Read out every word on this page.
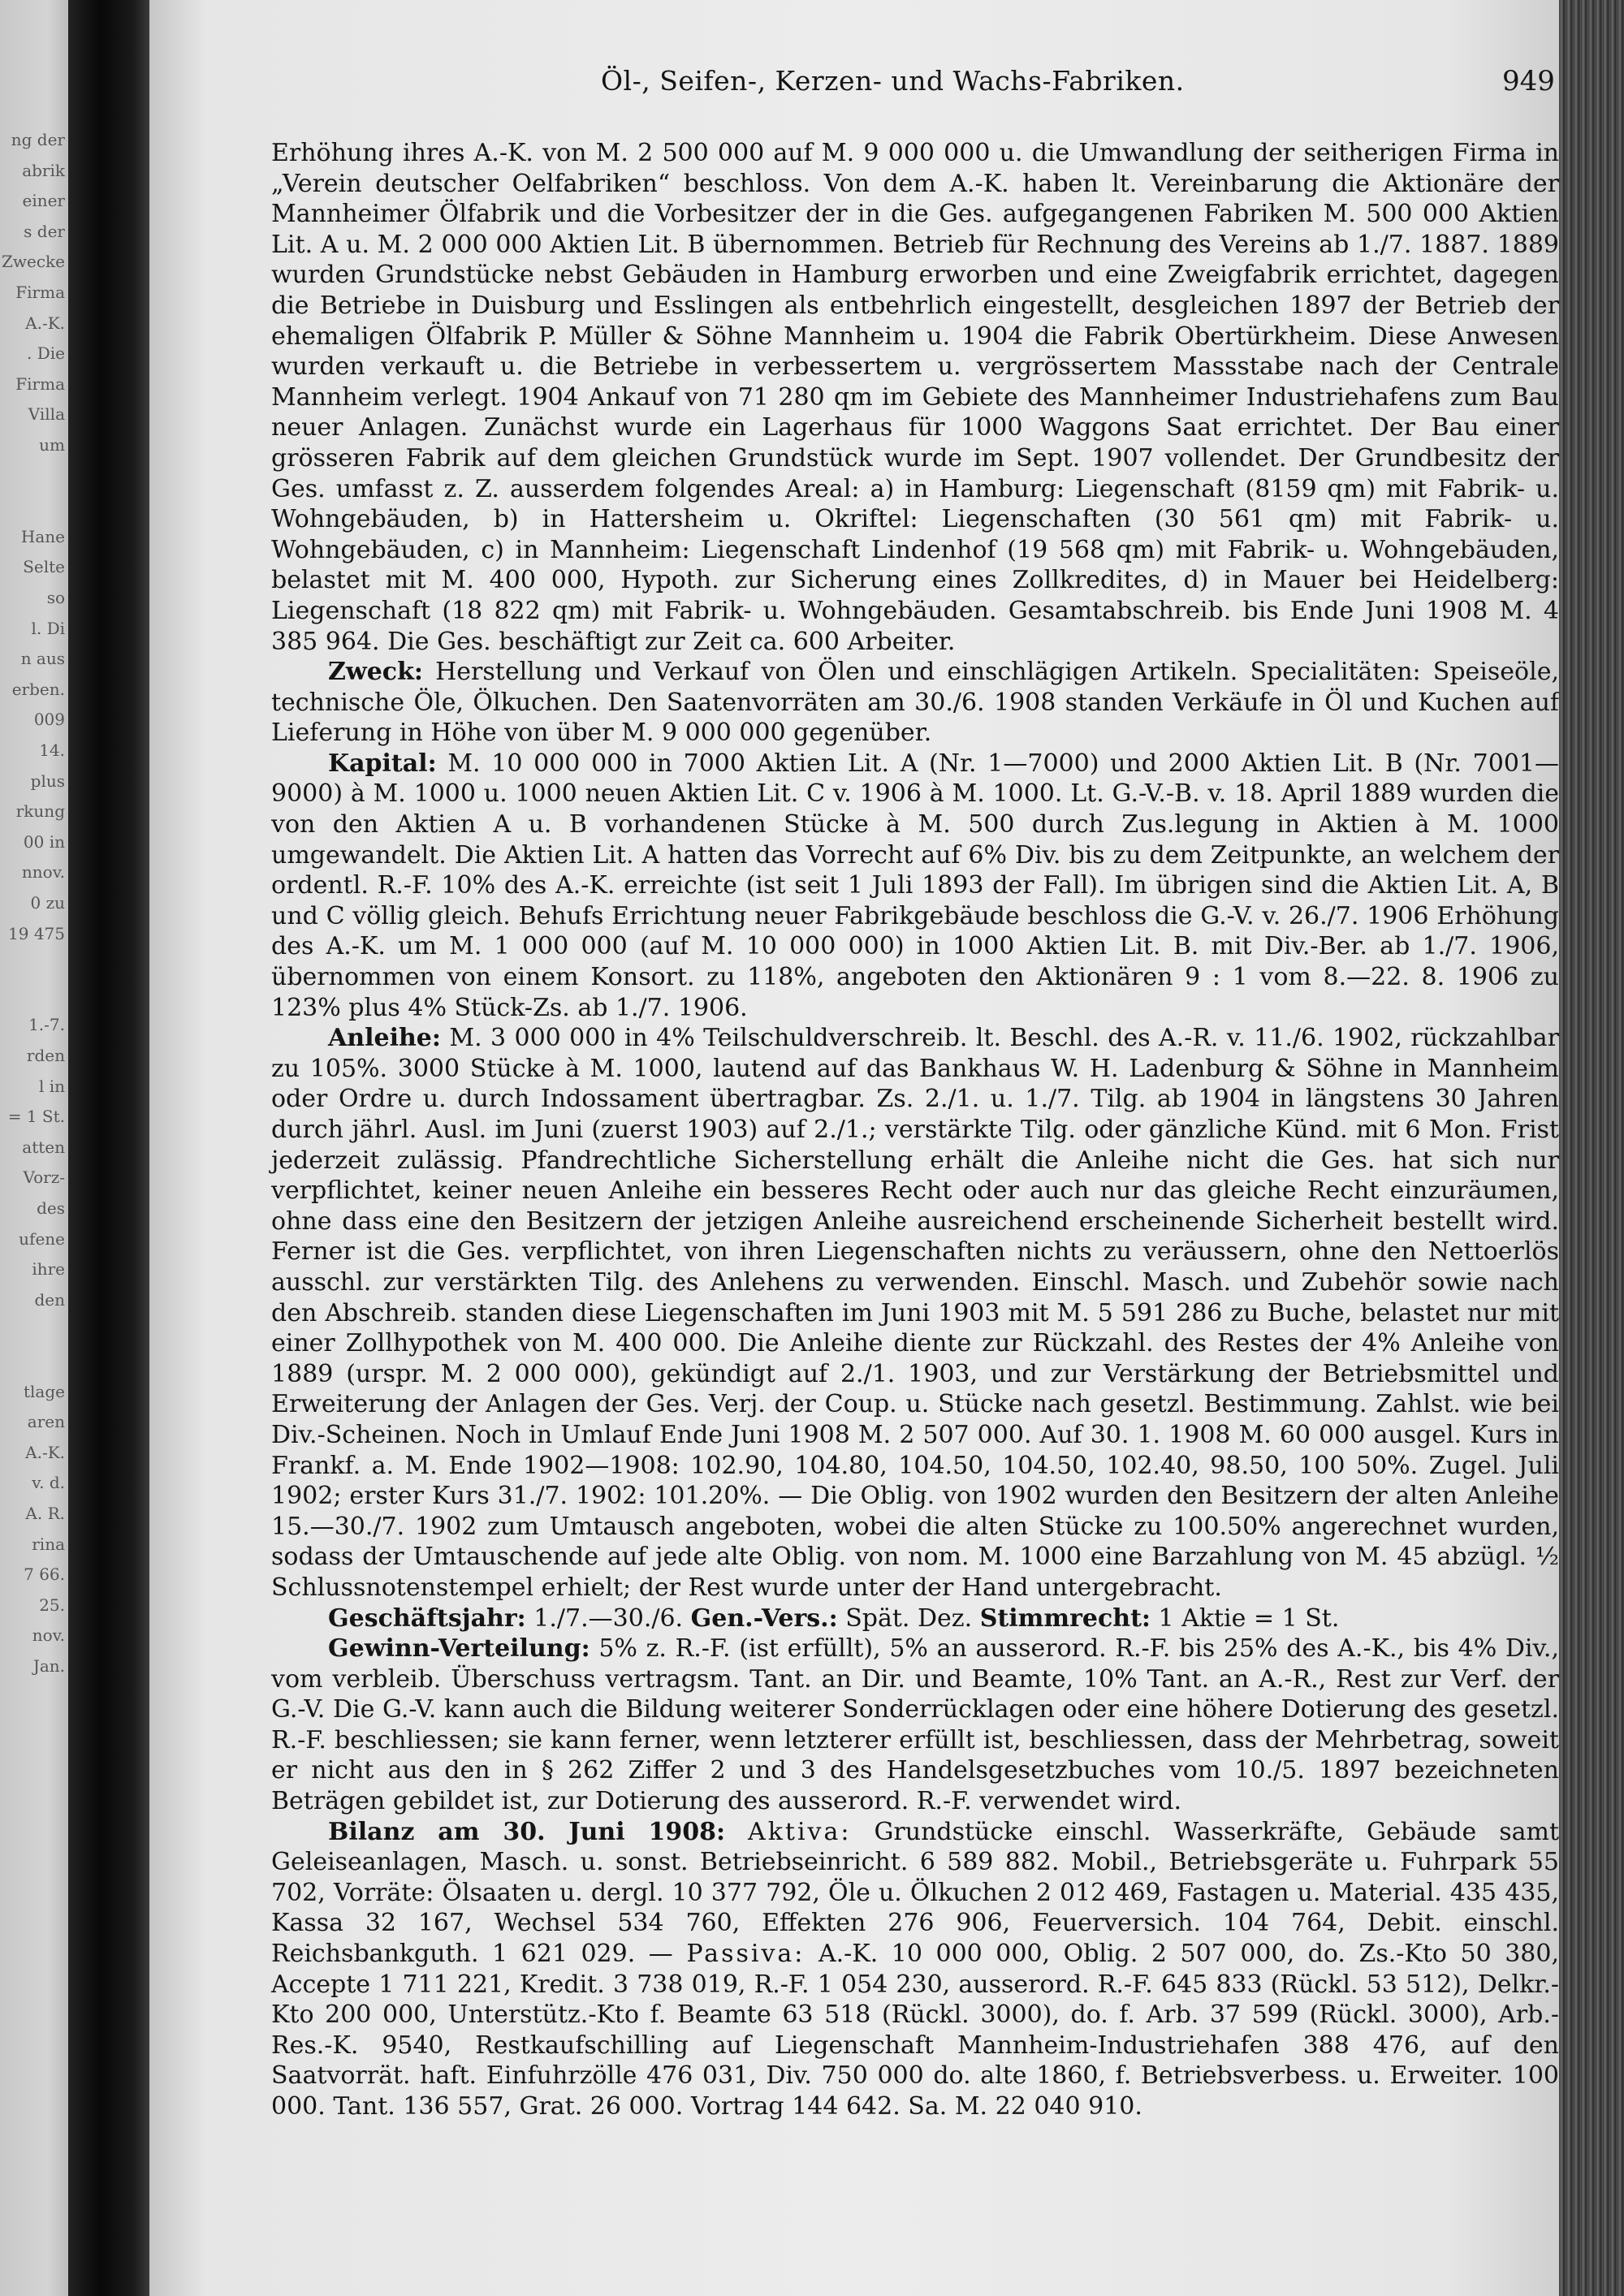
ng der
abrik
einer
s der
Zwecke
Firma
A.-K.
. Die
Firma
Villa
um
Hane
Selte
so
l. Di
n aus
erben.
009
14.
plus
rkung
00 in
nnov.
0 zu
19 475
1.-7.
rden
l in
= 1 St.
atten
Vorz-
des
ufene
ihre
den
tlage
aren
A.-K.
v. d.
A. R.
rina
7 66.
25.
nov.
Jan.
Öl-, Seifen-, Kerzen- und Wachs-Fabriken.	949

Erhöhung ihres A.-K. von M. 2 500 000 auf M. 9 000 000 u. die Umwandlung der seitherigen Firma in „Verein deutscher Oelfabriken“ beschloss. Von dem A.-K. haben lt. Vereinbarung die Aktionäre der Mannheimer Ölfabrik und die Vorbesitzer der in die Ges. aufgegangenen Fabriken M. 500 000 Aktien Lit. A u. M. 2 000 000 Aktien Lit. B übernommen. Betrieb für Rechnung des Vereins ab 1./7. 1887. 1889 wurden Grundstücke nebst Gebäuden in Hamburg erworben und eine Zweigfabrik errichtet, dagegen die Betriebe in Duisburg und Esslingen als entbehrlich eingestellt, desgleichen 1897 der Betrieb der ehemaligen Ölfabrik P. Müller & Söhne Mannheim u. 1904 die Fabrik Obertürkheim. Diese Anwesen wurden verkauft u. die Betriebe in verbessertem u. vergrössertem Massstabe nach der Centrale Mannheim verlegt. 1904 Ankauf von 71 280 qm im Gebiete des Mannheimer Industriehafens zum Bau neuer Anlagen. Zunächst wurde ein Lagerhaus für 1000 Waggons Saat errichtet. Der Bau einer grösseren Fabrik auf dem gleichen Grundstück wurde im Sept. 1907 vollendet. Der Grundbesitz der Ges. umfasst z. Z. ausserdem folgendes Areal: a) in Hamburg: Liegenschaft (8159 qm) mit Fabrik- u. Wohngebäuden, b) in Hattersheim u. Okriftel: Liegenschaften (30 561 qm) mit Fabrik- u. Wohngebäuden, c) in Mannheim: Liegenschaft Lindenhof (19 568 qm) mit Fabrik- u. Wohngebäuden, belastet mit M. 400 000, Hypoth. zur Sicherung eines Zollkredites, d) in Mauer bei Heidelberg: Liegenschaft (18 822 qm) mit Fabrik- u. Wohngebäuden. Gesamtabschreib. bis Ende Juni 1908 M. 4 385 964. Die Ges. beschäftigt zur Zeit ca. 600 Arbeiter.

Zweck: Herstellung und Verkauf von Ölen und einschlägigen Artikeln. Specialitäten: Speiseöle, technische Öle, Ölkuchen. Den Saatenvorräten am 30./6. 1908 standen Verkäufe in Öl und Kuchen auf Lieferung in Höhe von über M. 9 000 000 gegenüber.

Kapital: M. 10 000 000 in 7000 Aktien Lit. A (Nr. 1—7000) und 2000 Aktien Lit. B (Nr. 7001—9000) à M. 1000 u. 1000 neuen Aktien Lit. C v. 1906 à M. 1000. Lt. G.-V.-B. v. 18. April 1889 wurden die von den Aktien A u. B vorhandenen Stücke à M. 500 durch Zus.legung in Aktien à M. 1000 umgewandelt. Die Aktien Lit. A hatten das Vorrecht auf 6% Div. bis zu dem Zeitpunkte, an welchem der ordentl. R.-F. 10% des A.-K. erreichte (ist seit 1 Juli 1893 der Fall). Im übrigen sind die Aktien Lit. A, B und C völlig gleich. Behufs Errichtung neuer Fabrikgebäude beschloss die G.-V. v. 26./7. 1906 Erhöhung des A.-K. um M. 1 000 000 (auf M. 10 000 000) in 1000 Aktien Lit. B. mit Div.-Ber. ab 1./7. 1906, übernommen von einem Konsort. zu 118%, angeboten den Aktionären 9 : 1 vom 8.—22. 8. 1906 zu 123% plus 4% Stück-Zs. ab 1./7. 1906.

Anleihe: M. 3 000 000 in 4% Teilschuldverschreib. lt. Beschl. des A.-R. v. 11./6. 1902, rückzahlbar zu 105%. 3000 Stücke à M. 1000, lautend auf das Bankhaus W. H. Ladenburg & Söhne in Mannheim oder Ordre u. durch Indossament übertragbar. Zs. 2./1. u. 1./7. Tilg. ab 1904 in längstens 30 Jahren durch jährl. Ausl. im Juni (zuerst 1903) auf 2./1.; verstärkte Tilg. oder gänzliche Künd. mit 6 Mon. Frist jederzeit zulässig. Pfandrechtliche Sicherstellung erhält die Anleihe nicht die Ges. hat sich nur verpflichtet, keiner neuen Anleihe ein besseres Recht oder auch nur das gleiche Recht einzuräumen, ohne dass eine den Besitzern der jetzigen Anleihe ausreichend erscheinende Sicherheit bestellt wird. Ferner ist die Ges. verpflichtet, von ihren Liegenschaften nichts zu veräussern, ohne den Nettoerlös ausschl. zur verstärkten Tilg. des Anlehens zu verwenden. Einschl. Masch. und Zubehör sowie nach den Abschreib. standen diese Liegenschaften im Juni 1903 mit M. 5 591 286 zu Buche, belastet nur mit einer Zollhypothek von M. 400 000. Die Anleihe diente zur Rückzahl. des Restes der 4% Anleihe von 1889 (urspr. M. 2 000 000), gekündigt auf 2./1. 1903, und zur Verstärkung der Betriebsmittel und Erweiterung der Anlagen der Ges. Verj. der Coup. u. Stücke nach gesetzl. Bestimmung. Zahlst. wie bei Div.-Scheinen. Noch in Umlauf Ende Juni 1908 M. 2 507 000. Auf 30. 1. 1908 M. 60 000 ausgel. Kurs in Frankf. a. M. Ende 1902—1908: 102.90, 104.80, 104.50, 104.50, 102.40, 98.50, 100 50%. Zugel. Juli 1902; erster Kurs 31./7. 1902: 101.20%. — Die Oblig. von 1902 wurden den Besitzern der alten Anleihe 15.—30./7. 1902 zum Umtausch angeboten, wobei die alten Stücke zu 100.50% angerechnet wurden, sodass der Umtauschende auf jede alte Oblig. von nom. M. 1000 eine Barzahlung von M. 45 abzügl. ½ Schlussnotenstempel erhielt; der Rest wurde unter der Hand untergebracht.

Geschäftsjahr: 1./7.—30./6. Gen.-Vers.: Spät. Dez. Stimmrecht: 1 Aktie = 1 St.

Gewinn-Verteilung: 5% z. R.-F. (ist erfüllt), 5% an ausserord. R.-F. bis 25% des A.-K., bis 4% Div., vom verbleib. Überschuss vertragsm. Tant. an Dir. und Beamte, 10% Tant. an A.-R., Rest zur Verf. der G.-V. Die G.-V. kann auch die Bildung weiterer Sonderrücklagen oder eine höhere Dotierung des gesetzl. R.-F. beschliessen; sie kann ferner, wenn letzterer erfüllt ist, beschliessen, dass der Mehrbetrag, soweit er nicht aus den in § 262 Ziffer 2 und 3 des Handelsgesetzbuches vom 10./5. 1897 bezeichneten Beträgen gebildet ist, zur Dotierung des ausserord. R.-F. verwendet wird.

Bilanz am 30. Juni 1908: Aktiva: Grundstücke einschl. Wasserkräfte, Gebäude samt Geleiseanlagen, Masch. u. sonst. Betriebseinricht. 6 589 882. Mobil., Betriebsgeräte u. Fuhrpark 55 702, Vorräte: Ölsaaten u. dergl. 10 377 792, Öle u. Ölkuchen 2 012 469, Fastagen u. Material. 435 435, Kassa 32 167, Wechsel 534 760, Effekten 276 906, Feuerversich. 104 764, Debit. einschl. Reichsbankguth. 1 621 029. — Passiva: A.-K. 10 000 000, Oblig. 2 507 000, do. Zs.-Kto 50 380, Accepte 1 711 221, Kredit. 3 738 019, R.-F. 1 054 230, ausserord. R.-F. 645 833 (Rückl. 53 512), Delkr.-Kto 200 000, Unterstütz.-Kto f. Beamte 63 518 (Rückl. 3000), do. f. Arb. 37 599 (Rückl. 3000), Arb.-Res.-K. 9540, Restkaufschilling auf Liegenschaft Mannheim-Industriehafen 388 476, auf den Saatvorrät. haft. Einfuhrzölle 476 031, Div. 750 000 do. alte 1860, f. Betriebsverbess. u. Erweiter. 100 000. Tant. 136 557, Grat. 26 000. Vortrag 144 642. Sa. M. 22 040 910.
